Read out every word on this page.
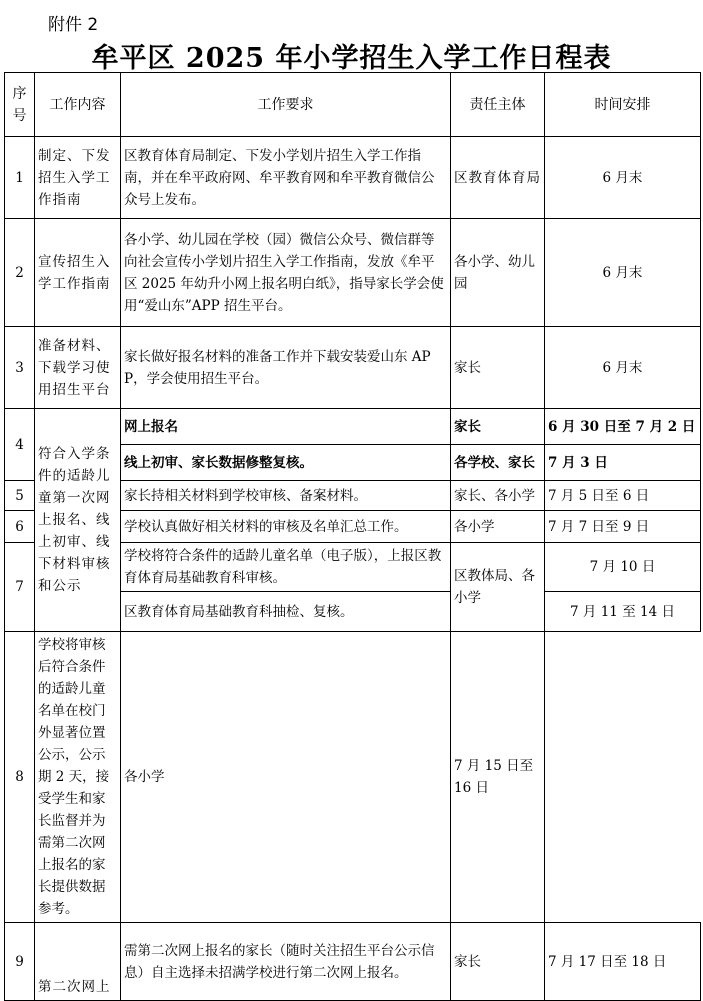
附件 2
牟平区 2025 年小学招生入学工作日程表
序号	工作内容	工作要求	责任主体	时间安排
1	制定、下发招生入学工作指南	区教育体育局制定、下发小学划片招生入学工作指南，并在牟平政府网、牟平教育网和牟平教育微信公众号上发布。	区教育体育局	6 月末
2	宣传招生入学工作指南	各小学、幼儿园在学校（园）微信公众号、微信群等向社会宣传小学划片招生入学工作指南，发放《牟平区 2025 年幼升小网上报名明白纸》，指导家长学会使用“爱山东”APP 招生平台。	各小学、幼儿园	6 月末
3	准备材料、下载学习使用招生平台	家长做好报名材料的准备工作并下载安装爱山东 APP，学会使用招生平台。	家长	6 月末
4	符合入学条件的适龄儿童第一次网上报名、线上初审、线下材料审核和公示	网上报名	家长	6 月 30 日至 7 月 2 日
		线上初审、家长数据修整复核。	各学校、家长	7 月 3 日
5		家长持相关材料到学校审核、备案材料。	家长、各小学	7 月 5 日至 6 日
6		学校认真做好相关材料的审核及名单汇总工作。	各小学	7 月 7 日至 9 日
7		学校将符合条件的适龄儿童名单（电子版），上报区教育体育局基础教育科审核。	区教体局、各小学	7 月 10 日
		区教育体育局基础教育科抽检、复核。		7 月 11 至 14 日
8	学校将审核后符合条件的适龄儿童名单在校门外显著位置公示，公示期 2 天，接受学生和家长监督并为需第二次网上报名的家长提供数据参考。	各小学	7 月 15 日至 16 日	
9	第二次网上	需第二次网上报名的家长（随时关注招生平台公示信息）自主选择未招满学校进行第二次网上报名。	家长	7 月 17 日至 18 日
